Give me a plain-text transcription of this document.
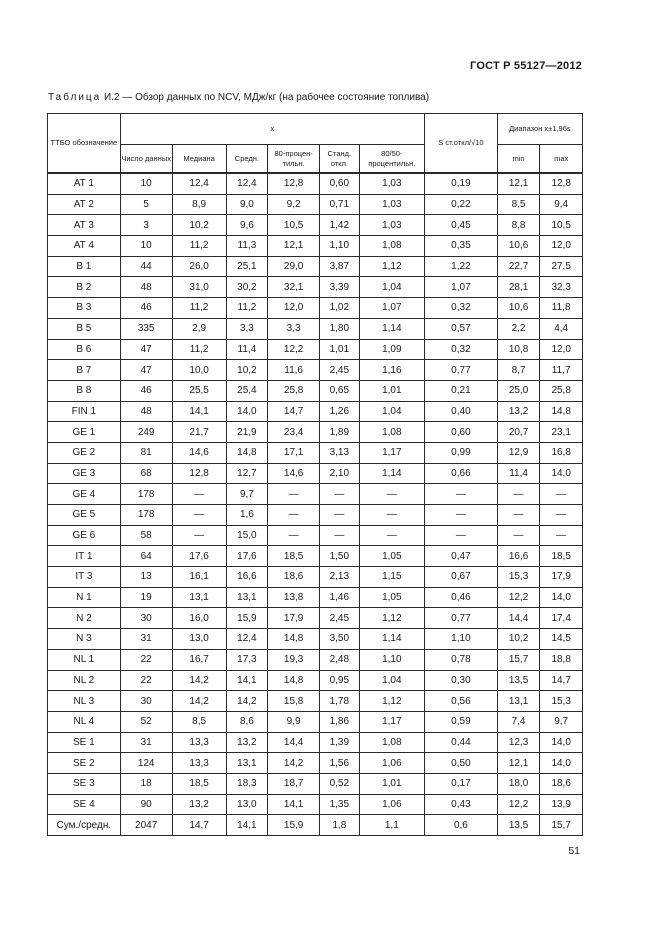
ГОСТ Р 55127—2012
Таблица И.2 — Обзор данных по NCV, МДж/кг (на рабочее состояние топлива)
ТТБО обозначение	x						S ст.откл/√10	Диапазон x±1,96s	
	Число данных	Медиана	Средн.	80-процен-тильн.	Станд. откл.	80/50-процентильн.		min	max
AT 1	10	12,4	12,4	12,8	0,60	1,03	0,19	12,1	12,8
AT 2	5	8,9	9,0	9,2	0,71	1,03	0,22	8,5	9,4
AT 3	3	10,2	9,6	10,5	1,42	1,03	0,45	8,8	10,5
AT 4	10	11,2	11,3	12,1	1,10	1,08	0,35	10,6	12,0
B 1	44	26,0	25,1	29,0	3,87	1,12	1,22	22,7	27,5
B 2	48	31,0	30,2	32,1	3,39	1,04	1,07	28,1	32,3
B 3	46	11,2	11,2	12,0	1,02	1,07	0,32	10,6	11,8
B 5	335	2,9	3,3	3,3	1,80	1,14	0,57	2,2	4,4
B 6	47	11,2	11,4	12,2	1,01	1,09	0,32	10,8	12,0
B 7	47	10,0	10,2	11,6	2,45	1,16	0,77	8,7	11,7
B 8	46	25,5	25,4	25,8	0,65	1,01	0,21	25,0	25,8
FIN 1	48	14,1	14,0	14,7	1,26	1,04	0,40	13,2	14,8
GE 1	249	21,7	21,9	23,4	1,89	1,08	0,60	20,7	23,1
GE 2	81	14,6	14,8	17,1	3,13	1,17	0,99	12,9	16,8
GE 3	68	12,8	12,7	14,6	2,10	1,14	0,66	11,4	14,0
GE 4	178	—	9,7	—	—	—	—	—	—
GE 5	178	—	1,6	—	—	—	—	—	—
GE 6	58	—	15,0	—	—	—	—	—	—
IT 1	64	17,6	17,6	18,5	1,50	1,05	0,47	16,6	18,5
IT 3	13	16,1	16,6	18,6	2,13	1,15	0,67	15,3	17,9
N 1	19	13,1	13,1	13,8	1,46	1,05	0,46	12,2	14,0
N 2	30	16,0	15,9	17,9	2,45	1,12	0,77	14,4	17,4
N 3	31	13,0	12,4	14,8	3,50	1,14	1,10	10,2	14,5
NL 1	22	16,7	17,3	19,3	2,48	1,10	0,78	15,7	18,8
NL 2	22	14,2	14,1	14,8	0,95	1,04	0,30	13,5	14,7
NL 3	30	14,2	14,2	15,8	1,78	1,12	0,56	13,1	15,3
NL 4	52	8,5	8,6	9,9	1,86	1,17	0,59	7,4	9,7
SE 1	31	13,3	13,2	14,4	1,39	1,08	0,44	12,3	14,0
SE 2	124	13,3	13,1	14,2	1,56	1,06	0,50	12,1	14,0
SE 3	18	18,5	18,3	18,7	0,52	1,01	0,17	18,0	18,6
SE 4	90	13,2	13,0	14,1	1,35	1,06	0,43	12,2	13,9
Сум./средн.	2047	14,7	14,1	15,9	1,8	1,1	0,6	13,5	15,7
51
